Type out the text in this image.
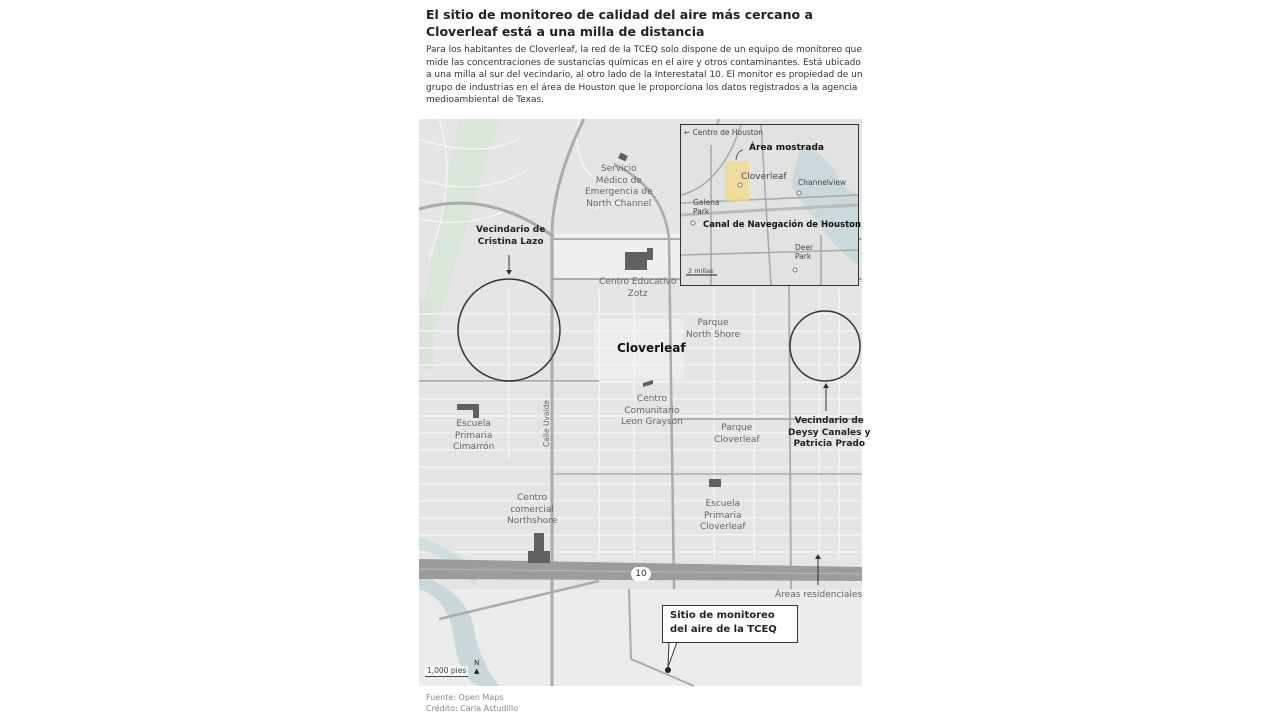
El sitio de monitoreo de calidad del aire más cercano a Cloverleaf está a una milla de distancia

Para los habitantes de Cloverleaf, la red de la TCEQ solo dispone de un equipo de monitoreo que mide las concentraciones de sustancias químicas en el aire y otros contaminantes. Está ubicado a una milla al sur del vecindario, al otro lado de la Interestatal 10. El monitor es propiedad de un grupo de industrias en el área de Houston que le proporciona los datos registrados a la agencia medioambiental de Texas.

Servicio
Médico de
Emergencia de
North Channel
Vecindario de
Cristina Lazo
Centro Educativo
Zotz
Parque
North Shore
Cloverleaf
Centro
Comunitario
Leon Grayson
Parque
Cloverleaf
Vecindario de
Deysy Canales y
Patricia Prado
Escuela
Primaria
Cimarrón	Calle Uvalde
Centro
comercial
Northshore
Escuela
Primaria
Cloverleaf
10
Áreas residenciales
Sitio de monitoreo del aire de la TCEQ
1,000 pies
N
▲
← Centro de Houston
Área mostrada
Cloverleaf
Channelview
Galena
Park
Canal de Navegación de Houston
Deer
Park
2 millas
Fuente: Open Maps
Crédito: Carla Astudillo
